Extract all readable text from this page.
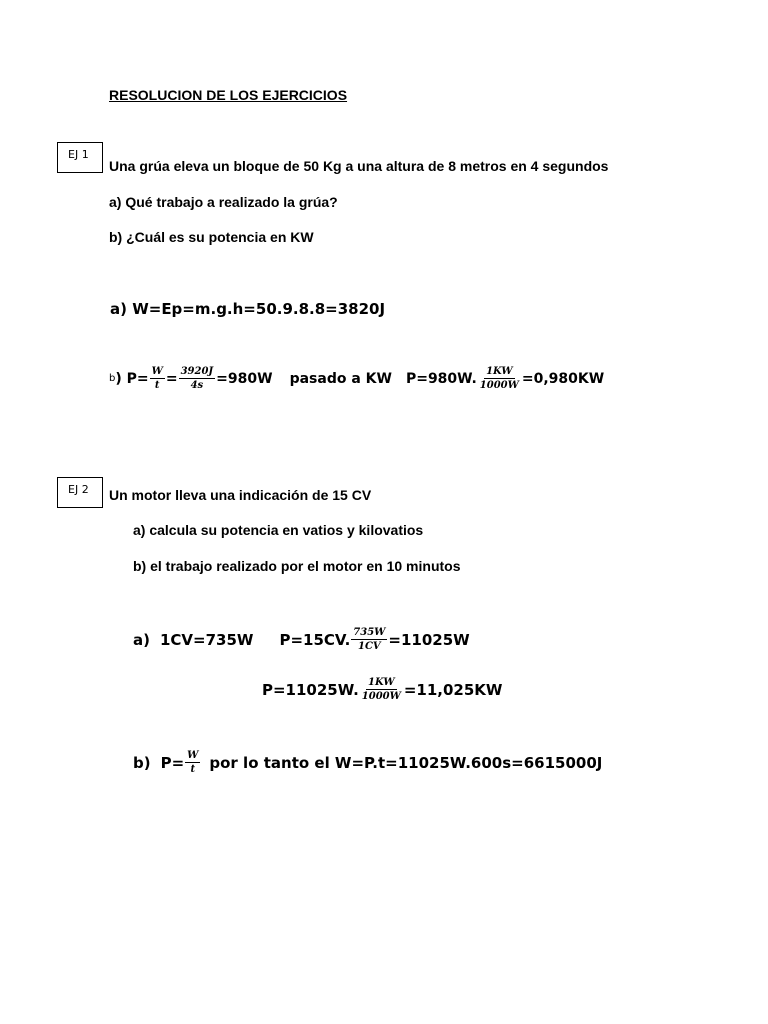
RESOLUCION DE LOS EJERCICIOS
EJ 1
Una grúa eleva un bloque de 50 Kg a una altura de 8 metros en 4 segundos
a) Qué trabajo a realizado la grúa?
b) ¿Cuál es su potencia en KW
a) W=Ep=m.g.h=50.9.8.8=3820J
b ) $P= \frac{W}{t} = \frac{3920J}{4s} =980W$ pasado a KW P=980W. $\frac{1KW}{1000W} =0,980KW$
EJ 2	Un motor lleva una indicación de 15 CV
a) calcula su potencia en vatios y kilovatios
b) el trabajo realizado por el motor en 10 minutos
a) 1CV=735W P=15CV. $\frac{735W}{1CV} =11025W$
P=11025W. $\frac{1KW}{1000W} =11,025KW$
b) $P= \frac{W}{t}$ por lo tanto el W=P.t=11025W.600s=6615000J
